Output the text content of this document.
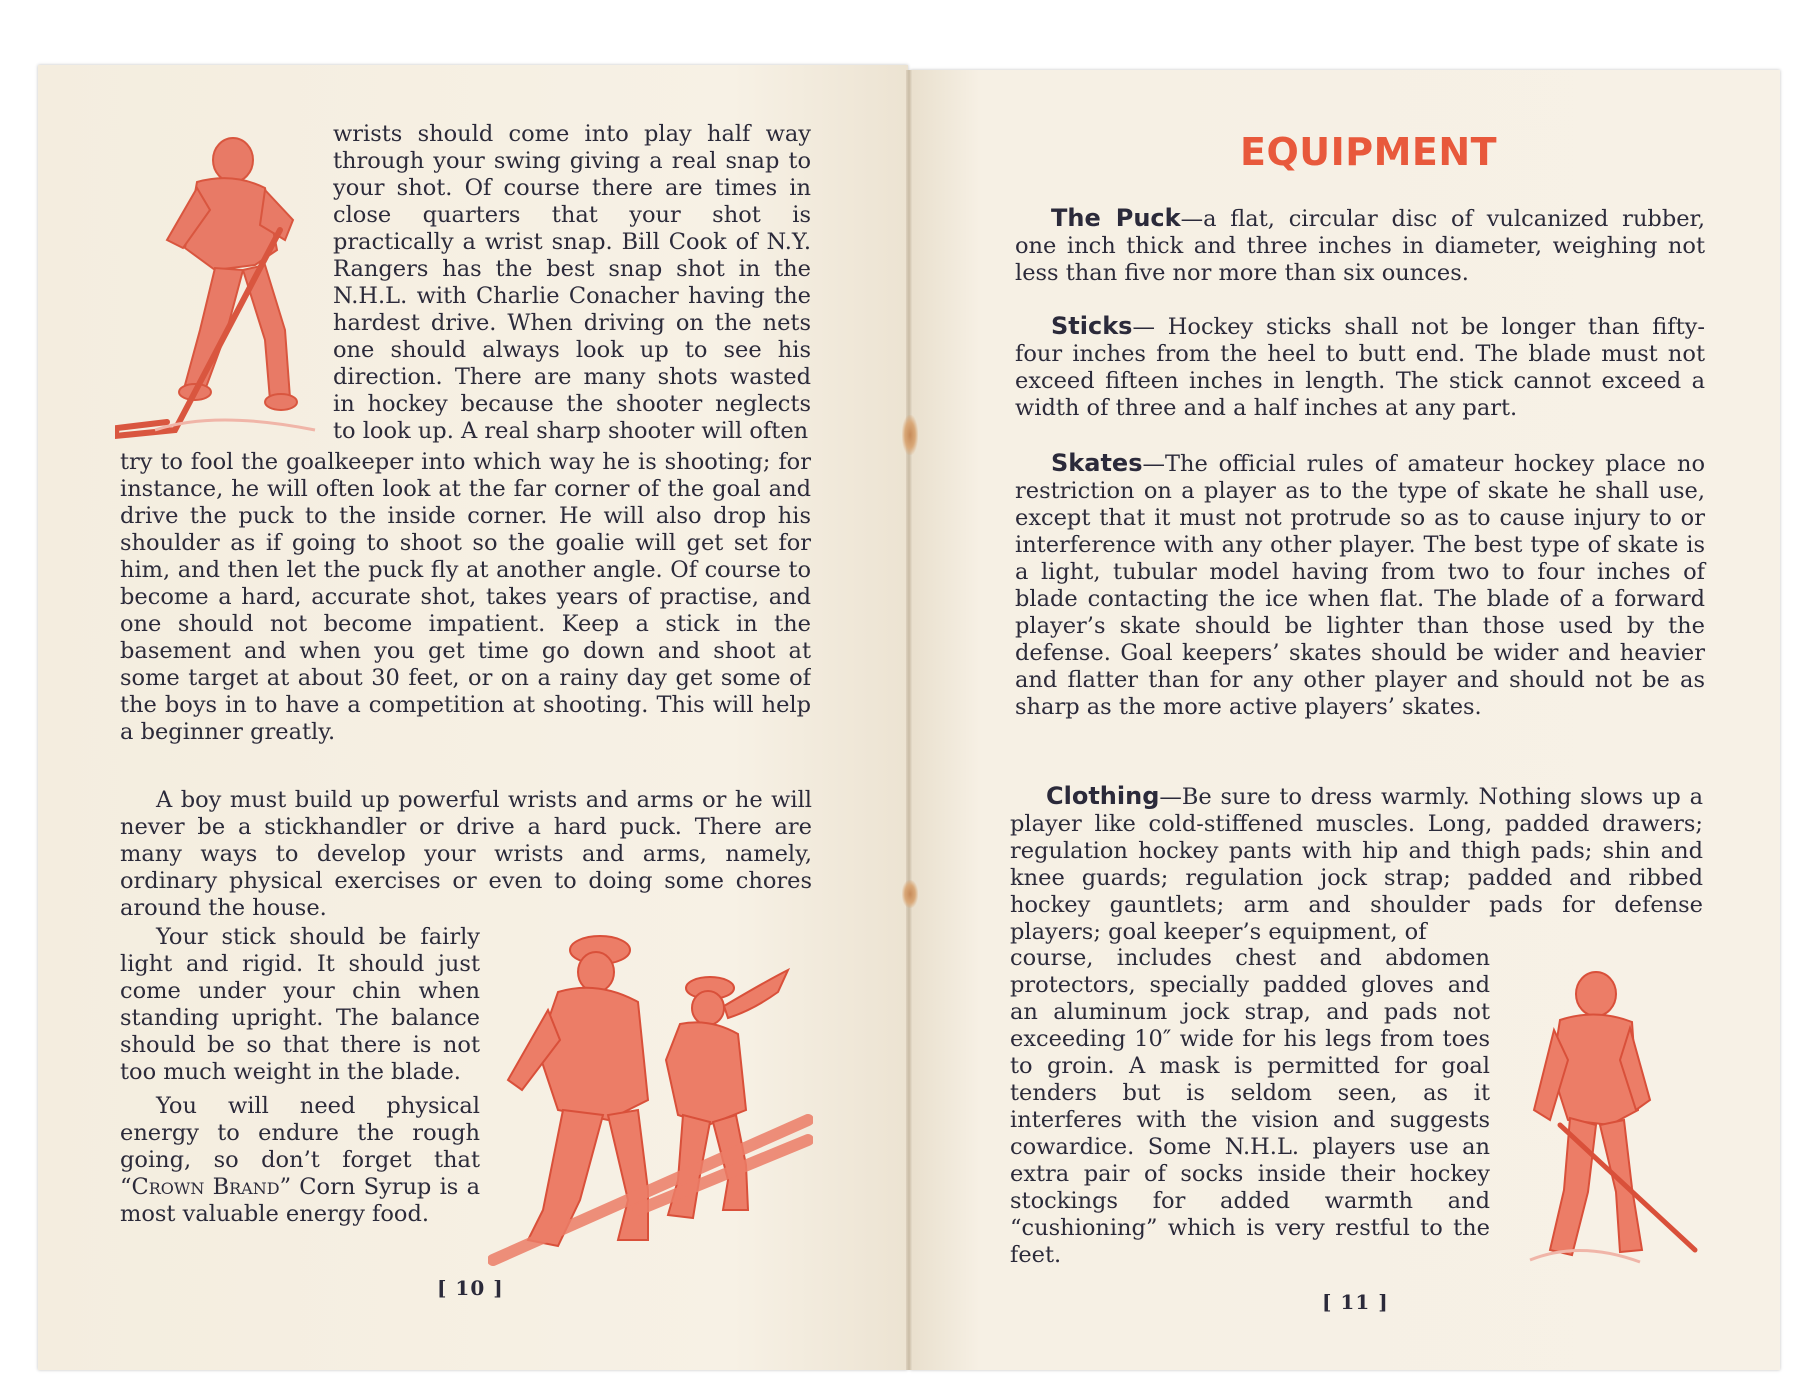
wrists should come into play half way through your swing giving a real snap to your shot. Of course there are times in close quarters that your shot is practically a wrist snap. Bill Cook of N.Y. Rangers has the best snap shot in the N.H.L. with Charlie Conacher having the hardest drive. When driving on the nets one should always look up to see his direction. There are many shots wasted in hockey because the shooter neglects to look up. A real sharp shooter will often

try to fool the goalkeeper into which way he is shooting; for instance, he will often look at the far corner of the goal and drive the puck to the inside corner. He will also drop his shoulder as if going to shoot so the goalie will get set for him, and then let the puck fly at another angle. Of course to become a hard, accurate shot, takes years of practise, and one should not become impatient. Keep a stick in the basement and when you get time go down and shoot at some target at about 30 feet, or on a rainy day get some of the boys in to have a competition at shooting. This will help a beginner greatly.

A boy must build up powerful wrists and arms or he will never be a stickhandler or drive a hard puck. There are many ways to develop your wrists and arms, namely, ordinary physical exercises or even to doing some chores around the house.

Your stick should be fairly light and rigid. It should just come under your chin when standing upright. The balance should be so that there is not too much weight in the blade.

You will need physical energy to endure the rough going, so don’t forget that “Crown Brand” Corn Syrup is a most valuable energy food.

[ 10 ]
EQUIPMENT

The Puck—a flat, circular disc of vulcanized rubber, one inch thick and three inches in diameter, weighing not less than five nor more than six ounces.

Sticks— Hockey sticks shall not be longer than fifty-four inches from the heel to butt end. The blade must not exceed fifteen inches in length. The stick cannot exceed a width of three and a half inches at any part.

Skates—The official rules of amateur hockey place no restriction on a player as to the type of skate he shall use, except that it must not protrude so as to cause injury to or interference with any other player. The best type of skate is a light, tubular model having from two to four inches of blade contacting the ice when flat. The blade of a forward player’s skate should be lighter than those used by the defense. Goal keepers’ skates should be wider and heavier and flatter than for any other player and should not be as sharp as the more active players’ skates.

Clothing—Be sure to dress warmly. Nothing slows up a player like cold-stiffened muscles. Long, padded drawers; regulation hockey pants with hip and thigh pads; shin and knee guards; regulation jock strap; padded and ribbed hockey gauntlets; arm and shoulder pads for defense players; goal keeper’s equipment, of

course, includes chest and abdomen protectors, specially padded gloves and an aluminum jock strap, and pads not exceeding 10″ wide for his legs from toes to groin. A mask is permitted for goal tenders but is seldom seen, as it interferes with the vision and suggests cowardice. Some N.H.L. players use an extra pair of socks inside their hockey stockings for added warmth and “cushioning” which is very restful to the feet.

[ 11 ]
